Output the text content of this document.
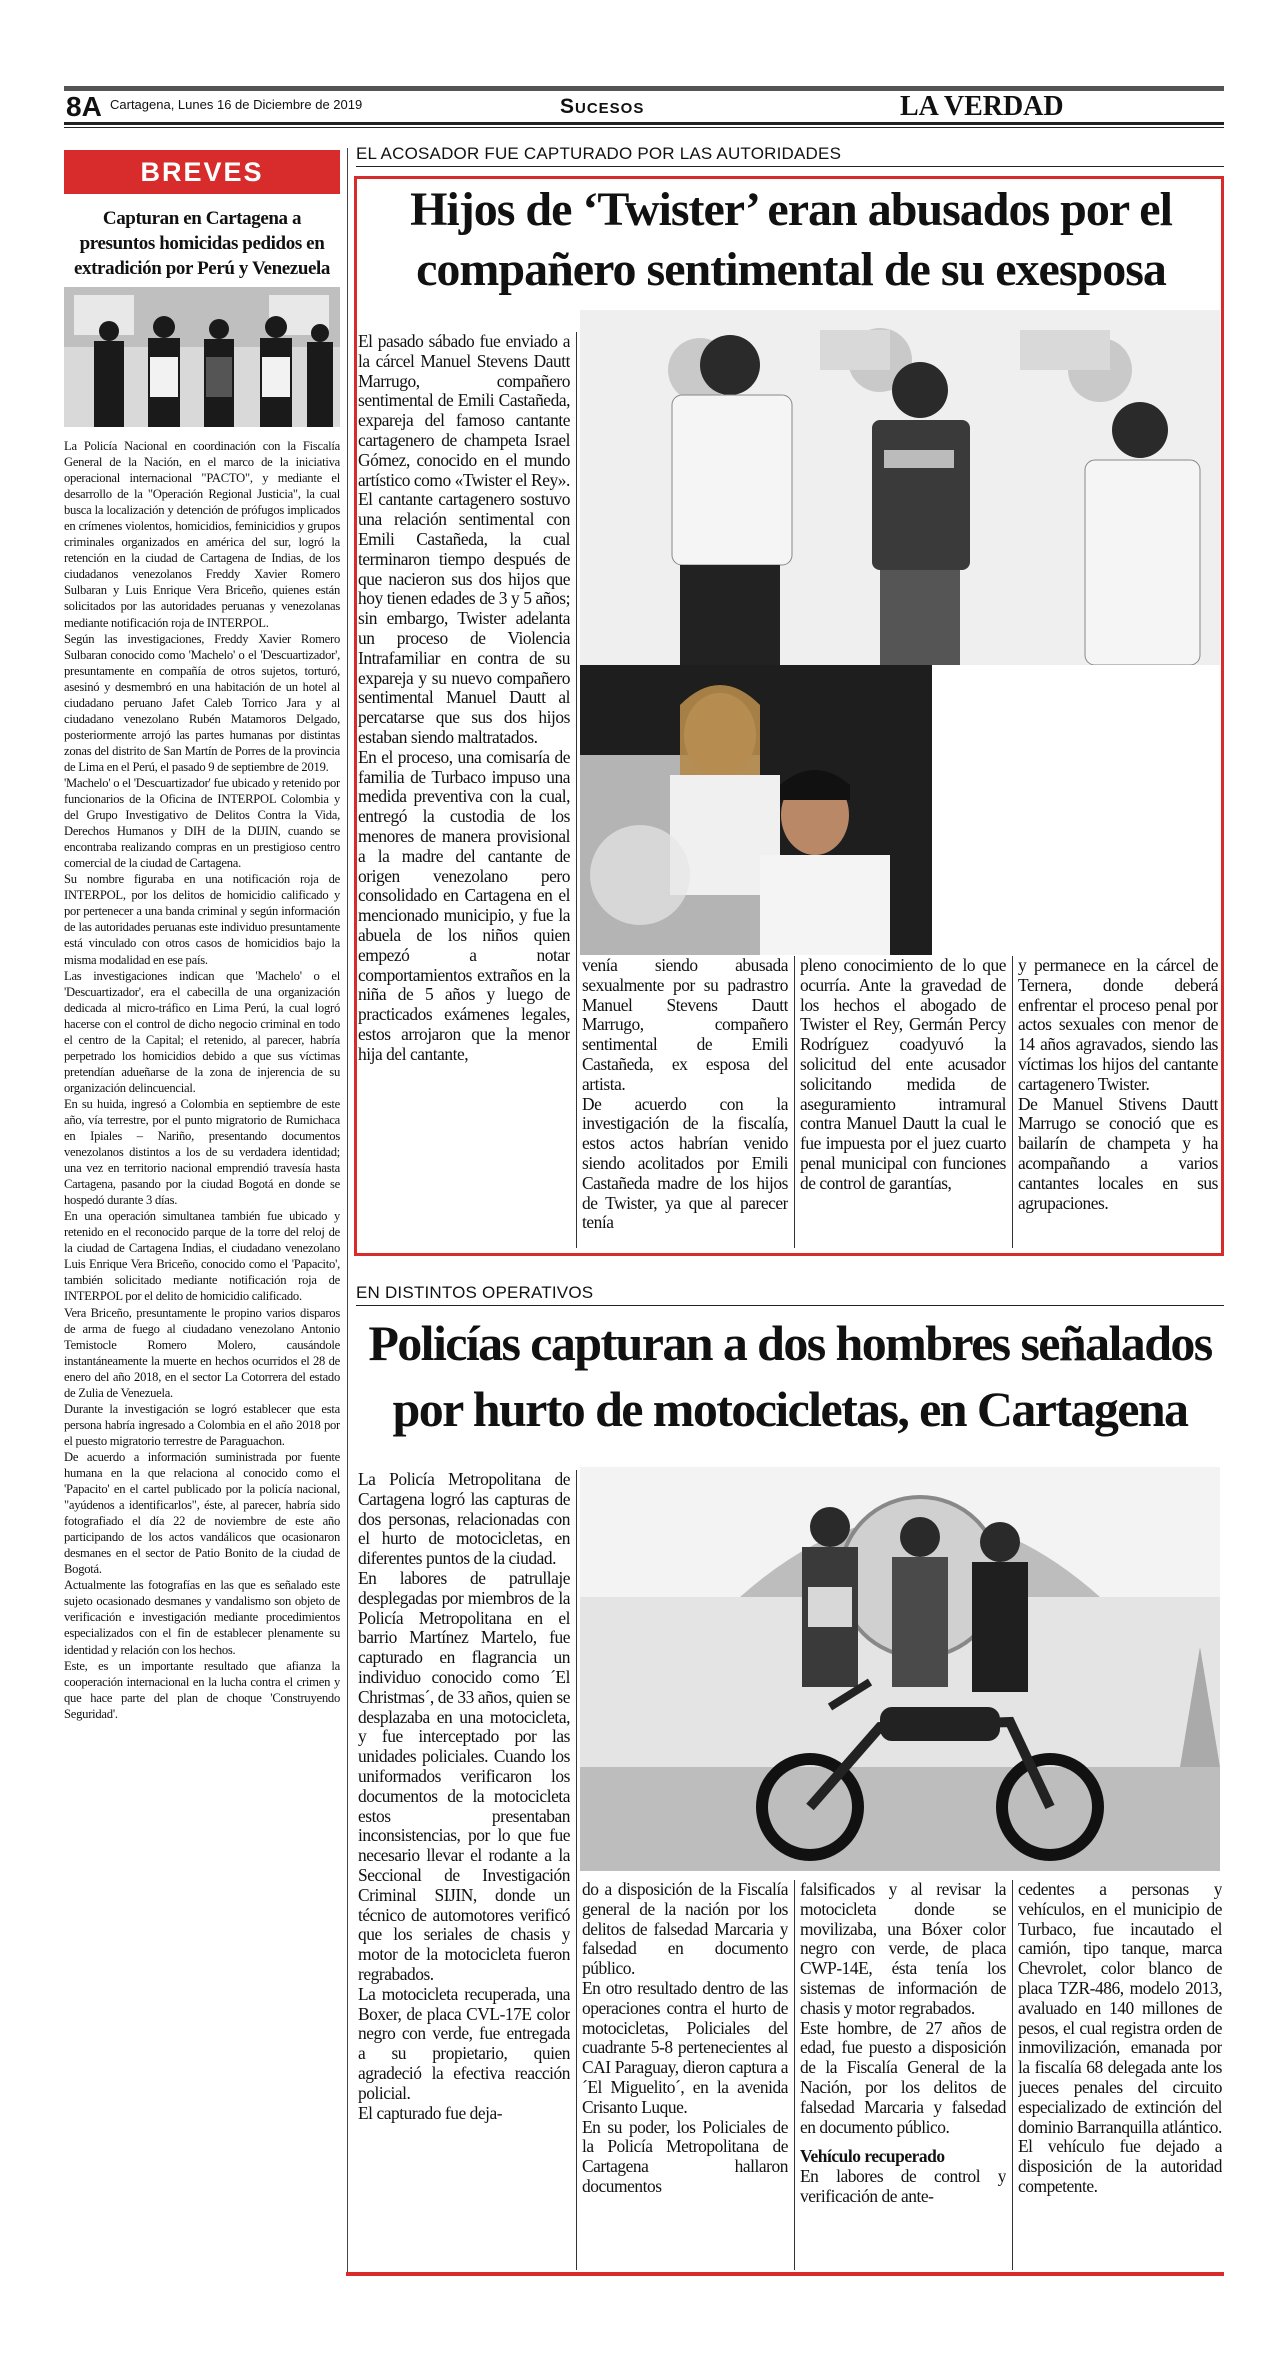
8A Cartagena, Lunes 16 de Diciembre de 2019	Sucesos	LA VERDAD
BREVES
Capturan en Cartagena a presuntos homicidas pedidos en extradición por Perú y Venezuela

La Policía Nacional en coordinación con la Fiscalía General de la Nación, en el marco de la iniciativa operacional internacional "PACTO", y mediante el desarrollo de la "Operación Regional Justicia", la cual busca la localización y detención de prófugos implicados en crímenes violentos, homicidios, feminicidios y grupos criminales organizados en américa del sur, logró la retención en la ciudad de Cartagena de Indias, de los ciudadanos venezolanos Freddy Xavier Romero Sulbaran y Luis Enrique Vera Briceño, quienes están solicitados por las autoridades peruanas y venezolanas mediante notificación roja de INTERPOL.

Según las investigaciones, Freddy Xavier Romero Sulbaran conocido como 'Machelo' o el 'Descuartizador', presuntamente en compañía de otros sujetos, torturó, asesinó y desmembró en una habitación de un hotel al ciudadano peruano Jafet Caleb Torrico Jara y al ciudadano venezolano Rubén Matamoros Delgado, posteriormente arrojó las partes humanas por distintas zonas del distrito de San Martín de Porres de la provincia de Lima en el Perú, el pasado 9 de septiembre de 2019.

'Machelo' o el 'Descuartizador' fue ubicado y retenido por funcionarios de la Oficina de INTERPOL Colombia y del Grupo Investigativo de Delitos Contra la Vida, Derechos Humanos y DIH de la DIJIN, cuando se encontraba realizando compras en un prestigioso centro comercial de la ciudad de Cartagena.

Su nombre figuraba en una notificación roja de INTERPOL, por los delitos de homicidio calificado y por pertenecer a una banda criminal y según información de las autoridades peruanas este individuo presuntamente está vinculado con otros casos de homicidios bajo la misma modalidad en ese país.

Las investigaciones indican que 'Machelo' o el 'Descuartizador', era el cabecilla de una organización dedicada al micro-tráfico en Lima Perú, la cual logró hacerse con el control de dicho negocio criminal en todo el centro de la Capital; el retenido, al parecer, habría perpetrado los homicidios debido a que sus víctimas pretendían adueñarse de la zona de injerencia de su organización delincuencial.

En su huida, ingresó a Colombia en septiembre de este año, vía terrestre, por el punto migratorio de Rumichaca en Ipiales – Nariño, presentando documentos venezolanos distintos a los de su verdadera identidad; una vez en territorio nacional emprendió travesía hasta Cartagena, pasando por la ciudad Bogotá en donde se hospedó durante 3 días.

En una operación simultanea también fue ubicado y retenido en el reconocido parque de la torre del reloj de la ciudad de Cartagena Indias, el ciudadano venezolano Luis Enrique Vera Briceño, conocido como el 'Papacito', también solicitado mediante notificación roja de INTERPOL por el delito de homicidio calificado.

Vera Briceño, presuntamente le propino varios disparos de arma de fuego al ciudadano venezolano Antonio Temistocle Romero Molero, causándole instantáneamente la muerte en hechos ocurridos el 28 de enero del año 2018, en el sector La Cotorrera del estado de Zulia de Venezuela.

Durante la investigación se logró establecer que esta persona habría ingresado a Colombia en el año 2018 por el puesto migratorio terrestre de Paraguachon.

De acuerdo a información suministrada por fuente humana en la que relaciona al conocido como el 'Papacito' en el cartel publicado por la policía nacional, "ayúdenos a identificarlos", éste, al parecer, habría sido fotografiado el día 22 de noviembre de este año participando de los actos vandálicos que ocasionaron desmanes en el sector de Patio Bonito de la ciudad de Bogotá.

Actualmente las fotografías en las que es señalado este sujeto ocasionado desmanes y vandalismo son objeto de verificación e investigación mediante procedimientos especializados con el fin de establecer plenamente su identidad y relación con los hechos.

Este, es un importante resultado que afianza la cooperación internacional en la lucha contra el crimen y que hace parte del plan de choque 'Construyendo Seguridad'.

EL ACOSADOR FUE CAPTURADO POR LAS AUTORIDADES
Hijos de ‘Twister’ eran abusados por el compañero sentimental de su exesposa

El pasado sábado fue enviado a la cárcel Manuel Stevens Dautt Marrugo, compañero sentimental de Emili Castañeda, expareja del famoso cantante cartagenero de champeta Israel Gómez, conocido en el mundo artístico como «Twister el Rey».

El cantante cartagenero sostuvo una relación sentimental con Emili Castañeda, la cual terminaron tiempo después de que nacieron sus dos hijos que hoy tienen edades de 3 y 5 años; sin embargo, Twister adelanta un proceso de Violencia Intrafamiliar en contra de su expareja y su nuevo compañero sentimental Manuel Dautt al percatarse que sus dos hijos estaban siendo maltratados.

En el proceso, una comisaría de familia de Turbaco impuso una medida preventiva con la cual, entregó la custodia de los menores de manera provisional a la madre del cantante de origen venezolano pero consolidado en Cartagena en el mencionado municipio, y fue la abuela de los niños quien empezó a notar comportamientos extraños en la niña de 5 años y luego de practicados exámenes legales, estos arrojaron que la menor hija del cantante,

venía siendo abusada sexualmente por su padrastro Manuel Stevens Dautt Marrugo, compañero sentimental de Emili Castañeda, ex esposa del artista.

De acuerdo con la investigación de la fiscalía, estos actos habrían venido siendo acolitados por Emili Castañeda madre de los hijos de Twister, ya que al parecer tenía

pleno conocimiento de lo que ocurría. Ante la gravedad de los hechos el abogado de Twister el Rey, Germán Percy Rodríguez coadyuvó la solicitud del ente acusador solicitando medida de aseguramiento intramural contra Manuel Dautt la cual le fue impuesta por el juez cuarto penal municipal con funciones de control de garantías,

y permanece en la cárcel de Ternera, donde deberá enfrentar el proceso penal por actos sexuales con menor de 14 años agravados, siendo las víctimas los hijos del cantante cartagenero Twister.

De Manuel Stivens Dautt Marrugo se conoció que es bailarín de champeta y ha acompañando a varios cantantes locales en sus agrupaciones.

EN DISTINTOS OPERATIVOS
Policías capturan a dos hombres señalados por hurto de motocicletas, en Cartagena

La Policía Metropolitana de Cartagena logró las capturas de dos personas, relacionadas con el hurto de motocicletas, en diferentes puntos de la ciudad.

En labores de patrullaje desplegadas por miembros de la Policía Metropolitana en el barrio Martínez Martelo, fue capturado en flagrancia un individuo conocido como ´El Christmas´, de 33 años, quien se desplazaba en una motocicleta, y fue interceptado por las unidades policiales. Cuando los uniformados verificaron los documentos de la motocicleta estos presentaban inconsistencias, por lo que fue necesario llevar el rodante a la Seccional de Investigación Criminal SIJIN, donde un técnico de automotores verificó que los seriales de chasis y motor de la motocicleta fueron regrabados.

La motocicleta recuperada, una Boxer, de placa CVL-17E color negro con verde, fue entregada a su propietario, quien agradeció la efectiva reacción policial.

El capturado fue deja-

do a disposición de la Fiscalía general de la nación por los delitos de falsedad Marcaria y falsedad en documento público.

En otro resultado dentro de las operaciones contra el hurto de motocicletas, Policiales del cuadrante 5-8 pertenecientes al CAI Paraguay, dieron captura a ´El Miguelito´, en la avenida Crisanto Luque.

En su poder, los Policiales de la Policía Metropolitana de Cartagena hallaron documentos

falsificados y al revisar la motocicleta donde se movilizaba, una Bóxer color negro con verde, de placa CWP-14E, ésta tenía los sistemas de información de chasis y motor regrabados.

Este hombre, de 27 años de edad, fue puesto a disposición de la Fiscalía General de la Nación, por los delitos de falsedad Marcaria y falsedad en documento público.

Vehículo recuperado

En labores de control y verificación de ante-

cedentes a personas y vehículos, en el municipio de Turbaco, fue incautado el camión, tipo tanque, marca Chevrolet, color blanco de placa TZR-486, modelo 2013, avaluado en 140 millones de pesos, el cual registra orden de inmovilización, emanada por la fiscalía 68 delegada ante los jueces penales del circuito especializado de extinción del dominio Barranquilla atlántico.

El vehículo fue dejado a disposición de la autoridad competente.
